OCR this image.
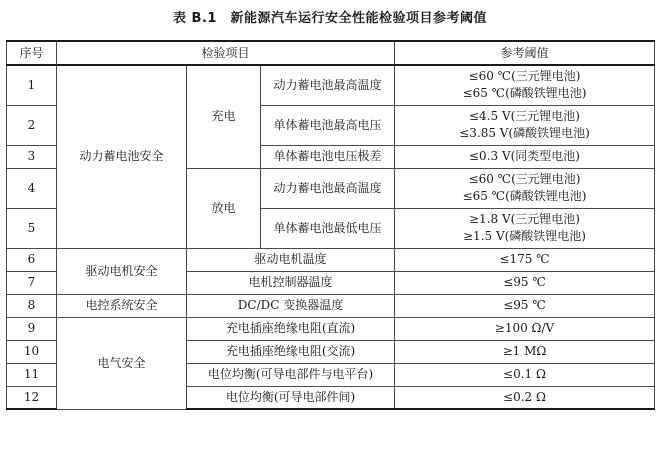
表 B.1　新能源汽车运行安全性能检验项目参考阈值
序号	检验项目			参考阈值
1	动力蓄电池安全	充电	动力蓄电池最高温度	≤60 ℃(三元锂电池)
≤65 ℃(磷酸铁锂电池)

2			单体蓄电池最高电压	≤4.5 V(三元锂电池)
≤3.85 V(磷酸铁锂电池)

3			单体蓄电池电压极差	≤0.3 V(同类型电池)
4		放电	动力蓄电池最高温度	≤60 ℃(三元锂电池)
≤65 ℃(磷酸铁锂电池)

5			单体蓄电池最低电压	≥1.8 V(三元锂电池)
≥1.5 V(磷酸铁锂电池)

6	驱动电机安全	驱动电机温度		≤175 ℃
7		电机控制器温度		≤95 ℃
8	电控系统安全	DC/DC 变换器温度		≤95 ℃
9	电气安全	充电插座绝缘电阻(直流)		≥100 Ω/V
10		充电插座绝缘电阻(交流)		≥1 MΩ
11		电位均衡(可导电部件与电平台)		≤0.1 Ω
12		电位均衡(可导电部件间)		≤0.2 Ω
